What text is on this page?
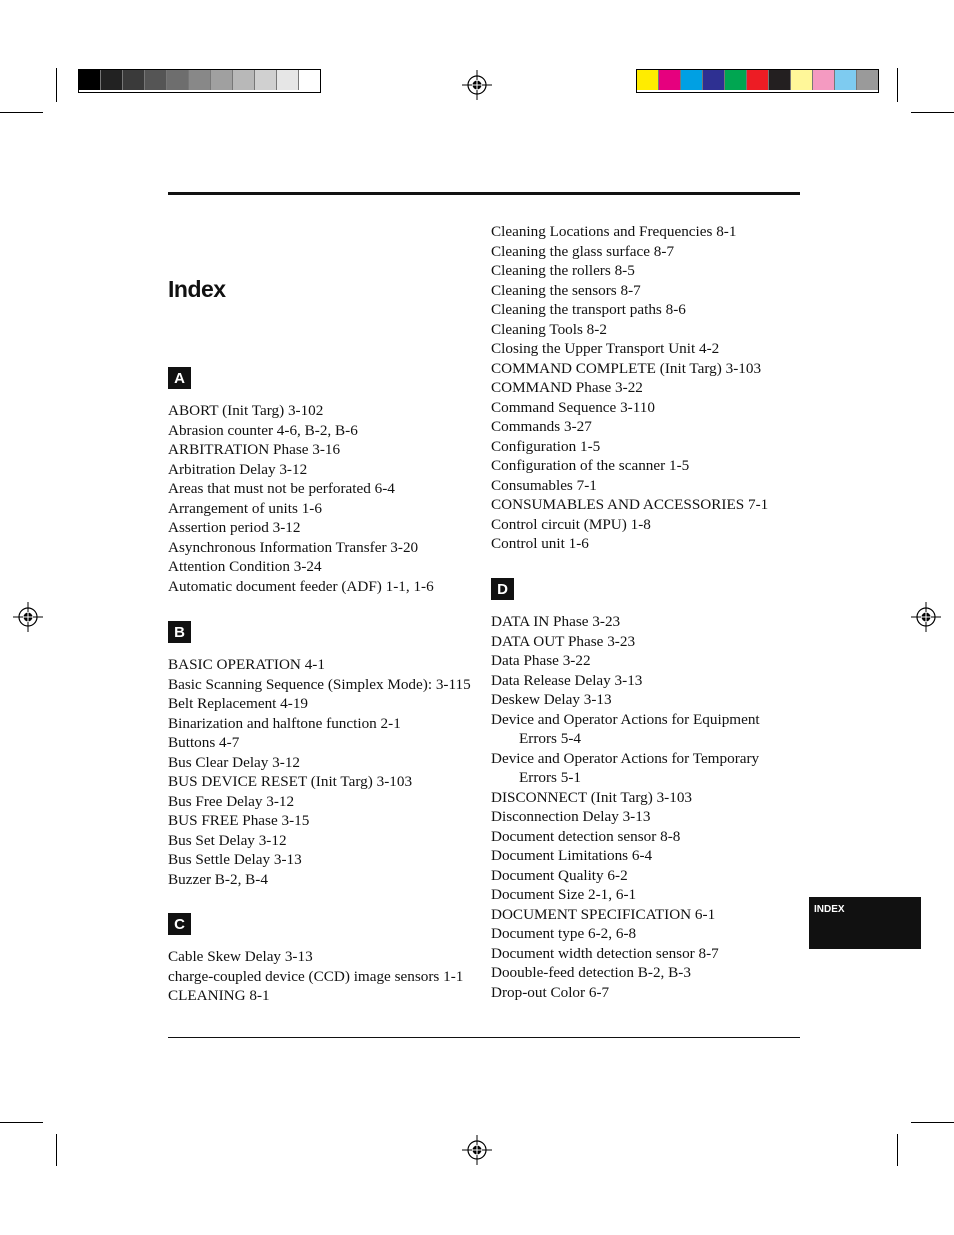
Index
A
ABORT (Init Targ) 3-102
Abrasion counter 4-6, B-2, B-6
ARBITRATION Phase 3-16
Arbitration Delay 3-12
Areas that must not be perforated 6-4
Arrangement of units 1-6
Assertion period 3-12
Asynchronous Information Transfer 3-20
Attention Condition 3-24
Automatic document feeder (ADF) 1-1, 1-6
B
BASIC OPERATION 4-1
Basic Scanning Sequence (Simplex Mode): 3-115
Belt Replacement 4-19
Binarization and halftone function 2-1
Buttons 4-7
Bus Clear Delay 3-12
BUS DEVICE RESET (Init Targ) 3-103
Bus Free Delay 3-12
BUS FREE Phase 3-15
Bus Set Delay 3-12
Bus Settle Delay 3-13
Buzzer B-2, B-4
C
Cable Skew Delay 3-13
charge-coupled device (CCD) image sensors 1-1
CLEANING 8-1
Cleaning Locations and Frequencies 8-1
Cleaning the glass surface 8-7
Cleaning the rollers 8-5
Cleaning the sensors 8-7
Cleaning the transport paths 8-6
Cleaning Tools 8-2
Closing the Upper Transport Unit 4-2
COMMAND COMPLETE (Init Targ) 3-103
COMMAND Phase 3-22
Command Sequence 3-110
Commands 3-27
Configuration 1-5
Configuration of the scanner 1-5
Consumables 7-1
CONSUMABLES AND ACCESSORIES 7-1
Control circuit (MPU) 1-8
Control unit 1-6
D
DATA IN Phase 3-23
DATA OUT Phase 3-23
Data Phase 3-22
Data Release Delay 3-13
Deskew Delay 3-13
Device and Operator Actions for Equipment
Errors 5-4
Device and Operator Actions for Temporary
Errors 5-1
DISCONNECT (Init Targ) 3-103
Disconnection Delay 3-13
Document detection sensor 8-8
Document Limitations 6-4
Document Quality 6-2
Document Size 2-1, 6-1
DOCUMENT SPECIFICATION 6-1
Document type 6-2, 6-8
Document width detection sensor 8-7
Doouble-feed detection B-2, B-3
Drop-out Color 6-7
INDEX
